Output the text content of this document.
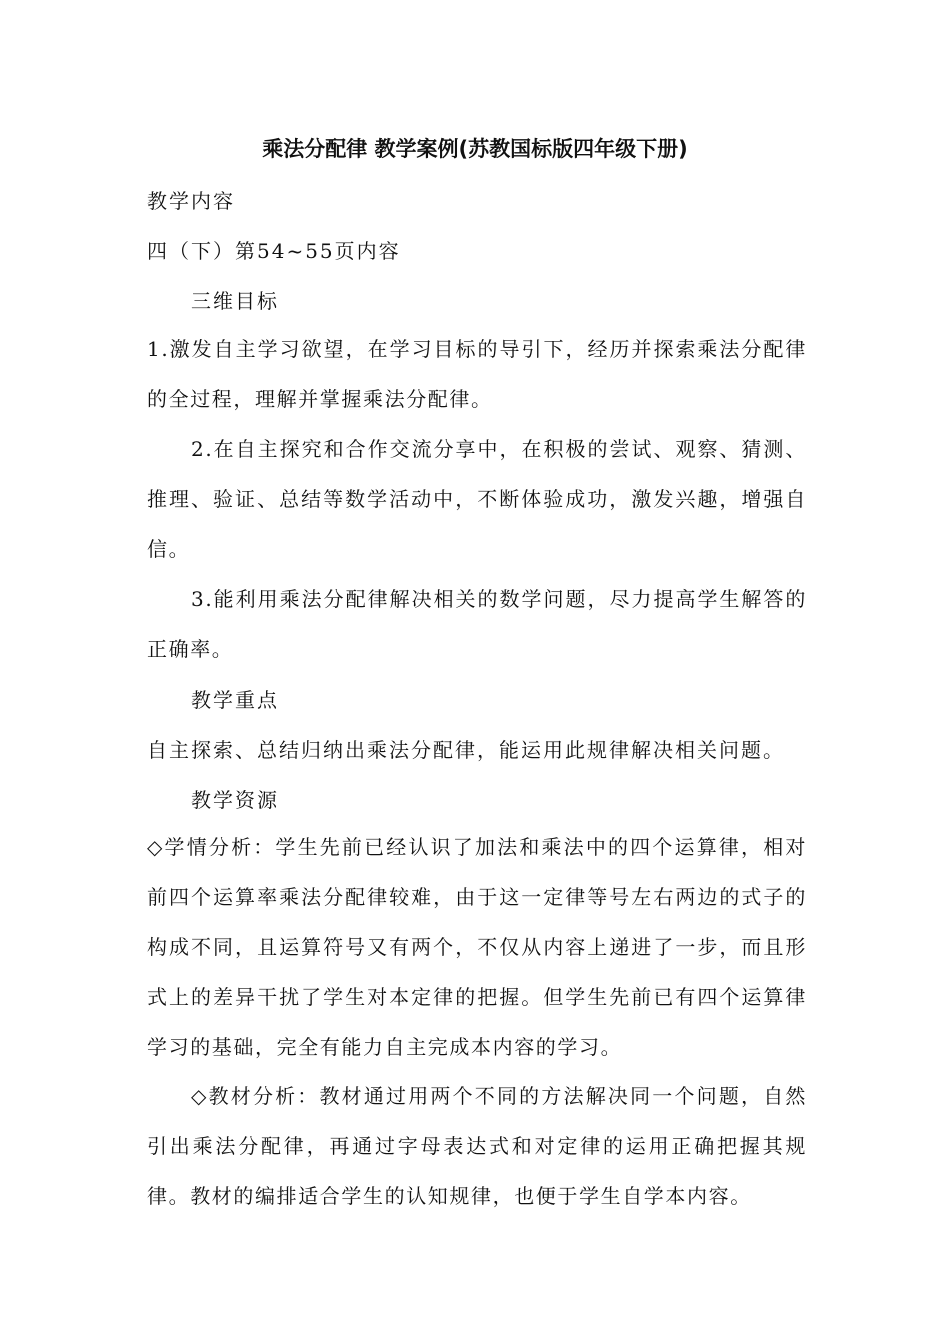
乘法分配律 教学案例(苏教国标版四年级下册)

教学内容

四（下）第54~55页内容

三维目标

1.激发自主学习欲望，在学习目标的导引下，经历并探索乘法分配律的全过程，理解并掌握乘法分配律。

2.在自主探究和合作交流分享中，在积极的尝试、观察、猜测、推理、验证、总结等数学活动中，不断体验成功，激发兴趣，增强自信。

3.能利用乘法分配律解决相关的数学问题，尽力提高学生解答的正确率。

教学重点

自主探索、总结归纳出乘法分配律，能运用此规律解决相关问题。

教学资源

◇学情分析：学生先前已经认识了加法和乘法中的四个运算律，相对前四个运算率乘法分配律较难，由于这一定律等号左右两边的式子的构成不同，且运算符号又有两个，不仅从内容上递进了一步，而且形式上的差异干扰了学生对本定律的把握。但学生先前已有四个运算律学习的基础，完全有能力自主完成本内容的学习。

◇教材分析：教材通过用两个不同的方法解决同一个问题，自然引出乘法分配律，再通过字母表达式和对定律的运用正确把握其规律。教材的编排适合学生的认知规律，也便于学生自学本内容。
